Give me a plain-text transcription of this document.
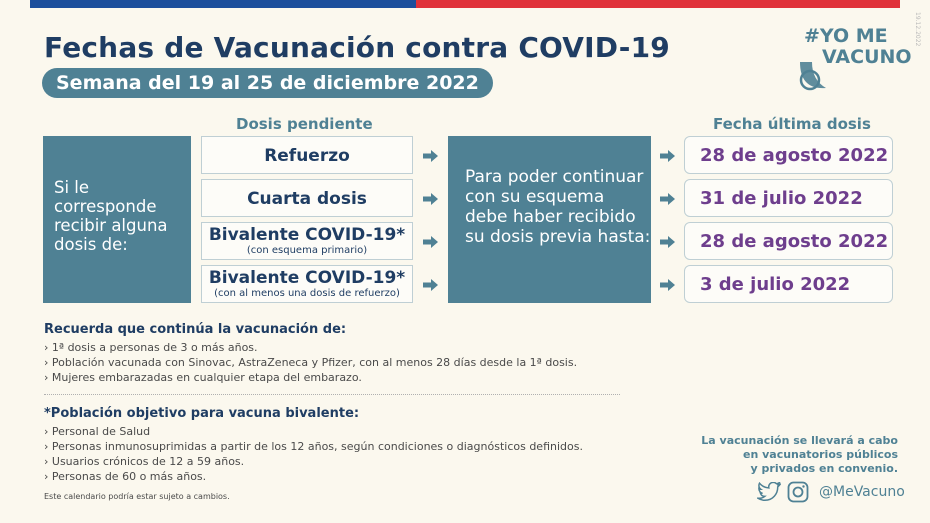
Fechas de Vacunación contra COVID-19
Semana del 19 al 25 de diciembre 2022
#YO ME
VACUNO
19.12.2022
Dosis pendiente	Fecha última dosis
Si le corresponde recibir alguna dosis de:
Refuerzo
Cuarta dosis
Bivalente COVID-19*
(con esquema primario)
Bivalente COVID-19*
(con al menos una dosis de refuerzo)
Para poder continuar con su esquema debe haber recibido su dosis previa hasta:
28 de agosto 2022
31 de julio 2022
28 de agosto 2022
3 de julio 2022
Recuerda que continúa la vacunación de:
› 1ª dosis a personas de 3 o más años.
› Población vacunada con Sinovac, AstraZeneca y Pfizer, con al menos 28 días desde la 1ª dosis.
› Mujeres embarazadas en cualquier etapa del embarazo.
*Población objetivo para vacuna bivalente:
› Personal de Salud
› Personas inmunosuprimidas a partir de los 12 años, según condiciones o diagnósticos definidos.
› Usuarios crónicos de 12 a 59 años.
› Personas de 60 o más años.
Este calendario podría estar sujeto a cambios.
La vacunación se llevará a cabo
en vacunatorios públicos
y privados en convenio.
@MeVacuno
